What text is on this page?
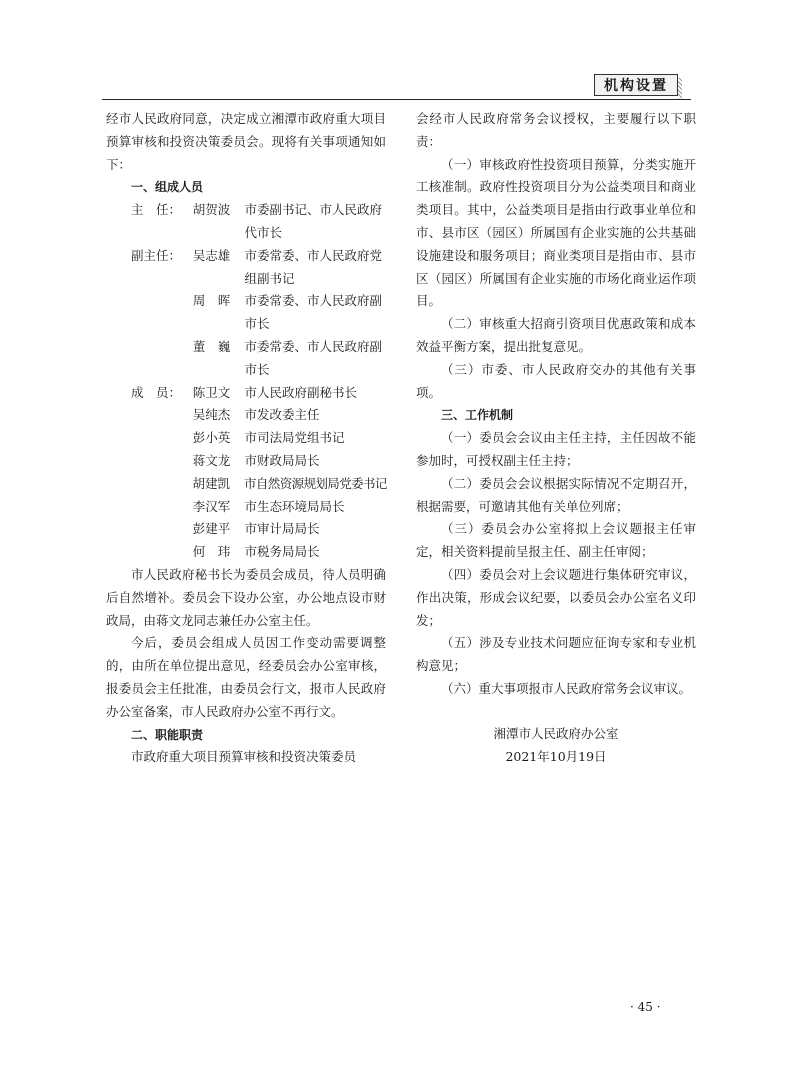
机构设置

经市人民政府同意，决定成立湘潭市政府重大项目预算审核和投资决策委员会。现将有关事项通知如下：

一、组成人员

主　任： 胡贺波	市委副书记、市人民政府代市长
副主任： 吴志雄	市委常委、市人民政府党组副书记
周　晖	市委常委、市人民政府副市长
董　巍	市委常委、市人民政府副市长
成　员： 陈卫文	市人民政府副秘书长
吴纯杰	市发改委主任
彭小英	市司法局党组书记
蒋文龙	市财政局局长
胡建凯	市自然资源规划局党委书记
李汉军	市生态环境局局长
彭建平	市审计局局长
何　玮	市税务局局长

市人民政府秘书长为委员会成员，待人员明确后自然增补。委员会下设办公室，办公地点设市财政局，由蒋文龙同志兼任办公室主任。

今后，委员会组成人员因工作变动需要调整的，由所在单位提出意见，经委员会办公室审核，报委员会主任批准，由委员会行文，报市人民政府办公室备案，市人民政府办公室不再行文。

二、职能职责

市政府重大项目预算审核和投资决策委员

会经市人民政府常务会议授权，主要履行以下职责：

（一）审核政府性投资项目预算，分类实施开工核准制。政府性投资项目分为公益类项目和商业类项目。其中，公益类项目是指由行政事业单位和市、县市区（园区）所属国有企业实施的公共基础设施建设和服务项目；商业类项目是指由市、县市区（园区）所属国有企业实施的市场化商业运作项目。

（二）审核重大招商引资项目优惠政策和成本效益平衡方案，提出批复意见。

（三）市委、市人民政府交办的其他有关事项。

三、工作机制

（一）委员会会议由主任主持，主任因故不能参加时，可授权副主任主持；

（二）委员会会议根据实际情况不定期召开，根据需要，可邀请其他有关单位列席；

（三）委员会办公室将拟上会议题报主任审定，相关资料提前呈报主任、副主任审阅；

（四）委员会对上会议题进行集体研究审议，作出决策，形成会议纪要，以委员会办公室名义印发；

（五）涉及专业技术问题应征询专家和专业机构意见；

（六）重大事项报市人民政府常务会议审议。

湘潭市人民政府办公室
2021年10月19日
· 45 ·
